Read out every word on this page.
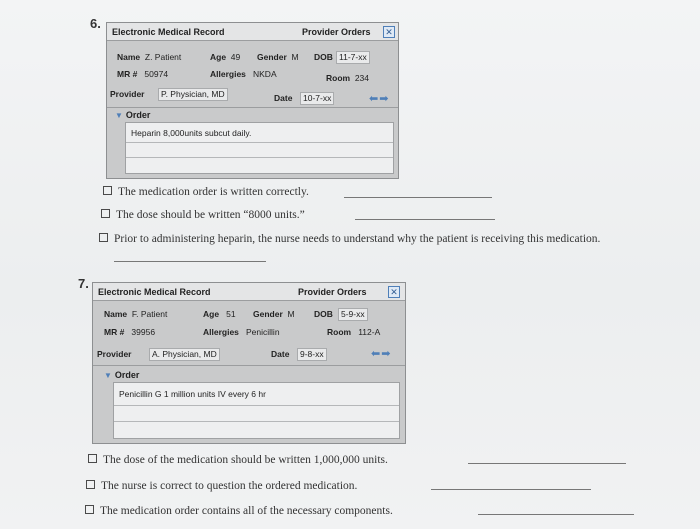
6.
Electronic Medical Record	Provider Orders ✕
Name Z. Patient	Age 49 Gender M DOB 11-7-xx
MR # 50974	Allergies NKDA	Room 234
Provider	P. Physician, MD	Date	10-7-xx	⬅➡
▼ Order
Heparin 8,000units subcut daily.
The medication order is written correctly.
The dose should be written “8000 units.”
Prior to administering heparin, the nurse needs to understand why the patient is receiving this medication.
7.
Electronic Medical Record	Provider Orders	✕
Name F. Patient	Age 51 Gender M DOB 5-9-xx
MR # 39956	Allergies Penicillin	Room 112-A
Provider	A. Physician, MD	Date	9-8-xx	⬅➡
▼ Order
Penicillin G 1 million units IV every 6 hr
The dose of the medication should be written 1,000,000 units.
The nurse is correct to question the ordered medication.
The medication order contains all of the necessary components.
